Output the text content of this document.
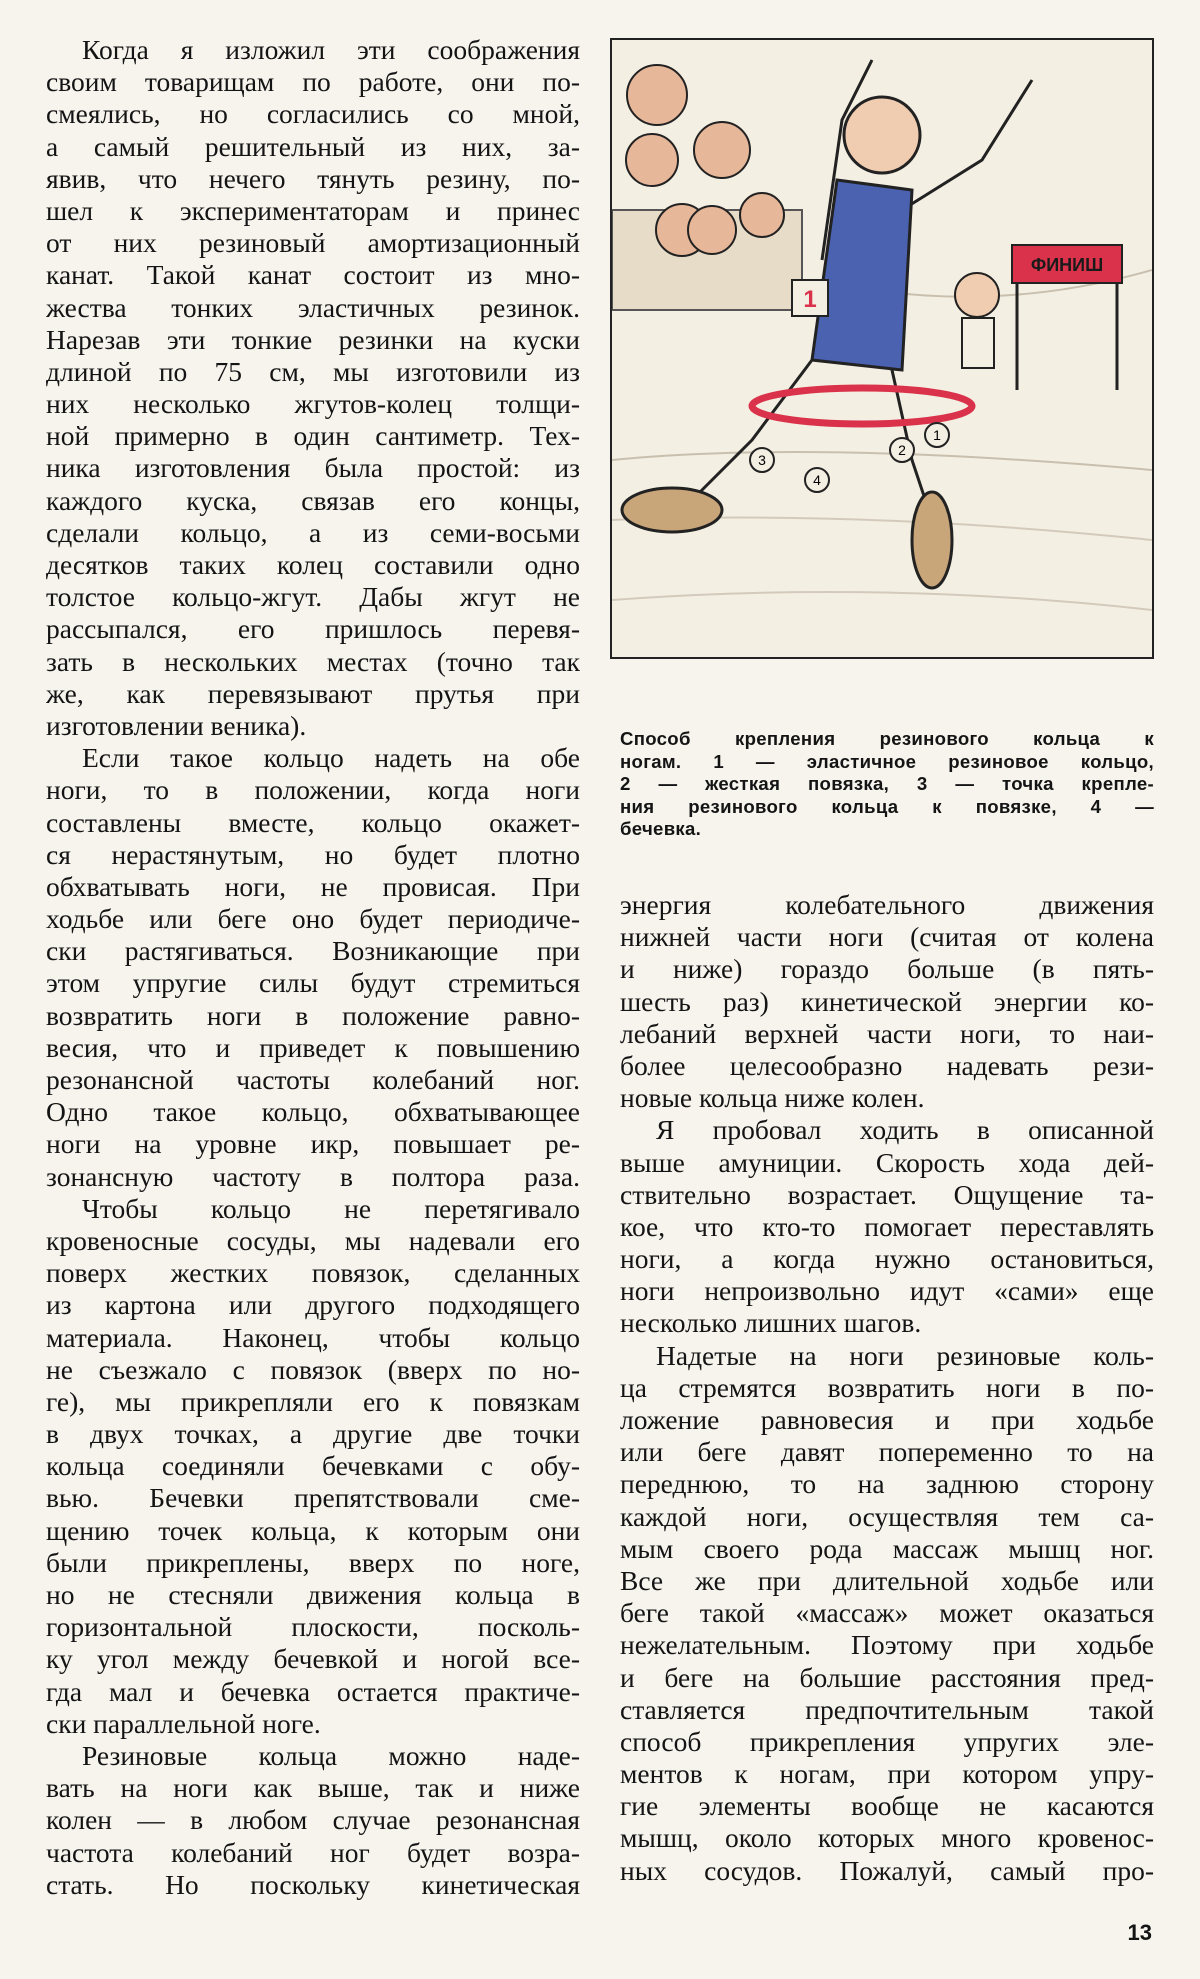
Когда я изложил эти соображения
своим товарищам по работе, они по-
смеялись, но согласились со мной,
а самый решительный из них, за-
явив, что нечего тянуть резину, по-
шел к экспериментаторам и принес
от них резиновый амортизационный
канат. Такой канат состоит из мно-
жества тонких эластичных резинок.
Нарезав эти тонкие резинки на куски
длиной по 75 см, мы изготовили из
них несколько жгутов-колец толщи-
ной примерно в один сантиметр. Тех-
ника изготовления была простой: из
каждого куска, связав его концы,
сделали кольцо, а из семи-восьми
десятков таких колец составили одно
толстое кольцо-жгут. Дабы жгут не
рассыпался, его пришлось перевя-
зать в нескольких местах (точно так
же, как перевязывают прутья при
изготовлении веника).
Если такое кольцо надеть на обе
ноги, то в положении, когда ноги
составлены вместе, кольцо окажет-
ся нерастянутым, но будет плотно
обхватывать ноги, не провисая. При
ходьбе или беге оно будет периодиче-
ски растягиваться. Возникающие при
этом упругие силы будут стремиться
возвратить ноги в положение равно-
весия, что и приведет к повышению
резонансной частоты колебаний ног.
Одно такое кольцо, обхватывающее
ноги на уровне икр, повышает ре-
зонансную частоту в полтора раза.
Чтобы кольцо не перетягивало
кровеносные сосуды, мы надевали его
поверх жестких повязок, сделанных
из картона или другого подходящего
материала. Наконец, чтобы кольцо
не съезжало с повязок (вверх по но-
ге), мы прикрепляли его к повязкам
в двух точках, а другие две точки
кольца соединяли бечевками с обу-
вью. Бечевки препятствовали сме-
щению точек кольца, к которым они
были прикреплены, вверх по ноге,
но не стесняли движения кольца в
горизонтальной плоскости, посколь-
ку угол между бечевкой и ногой все-
гда мал и бечевка остается практиче-
ски параллельной ноге.
Резиновые кольца можно наде-
вать на ноги как выше, так и ниже
колен — в любом случае резонансная
частота колебаний ног будет возра-
стать. Но поскольку кинетическая
ФИНИШ
1
1
2
3
4
Способ крепления резинового кольца к
ногам. 1 — эластичное резиновое кольцо,
2 — жесткая повязка, 3 — точка крепле-
ния резинового кольца к повязке, 4 —
бечевка.
энергия колебательного движения
нижней части ноги (считая от колена
и ниже) гораздо больше (в пять-
шесть раз) кинетической энергии ко-
лебаний верхней части ноги, то наи-
более целесообразно надевать рези-
новые кольца ниже колен.
Я пробовал ходить в описанной
выше амуниции. Скорость хода дей-
ствительно возрастает. Ощущение та-
кое, что кто-то помогает переставлять
ноги, а когда нужно остановиться,
ноги непроизвольно идут «сами» еще
несколько лишних шагов.
Надетые на ноги резиновые коль-
ца стремятся возвратить ноги в по-
ложение равновесия и при ходьбе
или беге давят попеременно то на
переднюю, то на заднюю сторону
каждой ноги, осуществляя тем са-
мым своего рода массаж мышц ног.
Все же при длительной ходьбе или
беге такой «массаж» может оказаться
нежелательным. Поэтому при ходьбе
и беге на большие расстояния пред-
ставляется предпочтительным такой
способ прикрепления упругих эле-
ментов к ногам, при котором упру-
гие элементы вообще не касаются
мышц, около которых много кровенос-
ных сосудов. Пожалуй, самый про-
13
